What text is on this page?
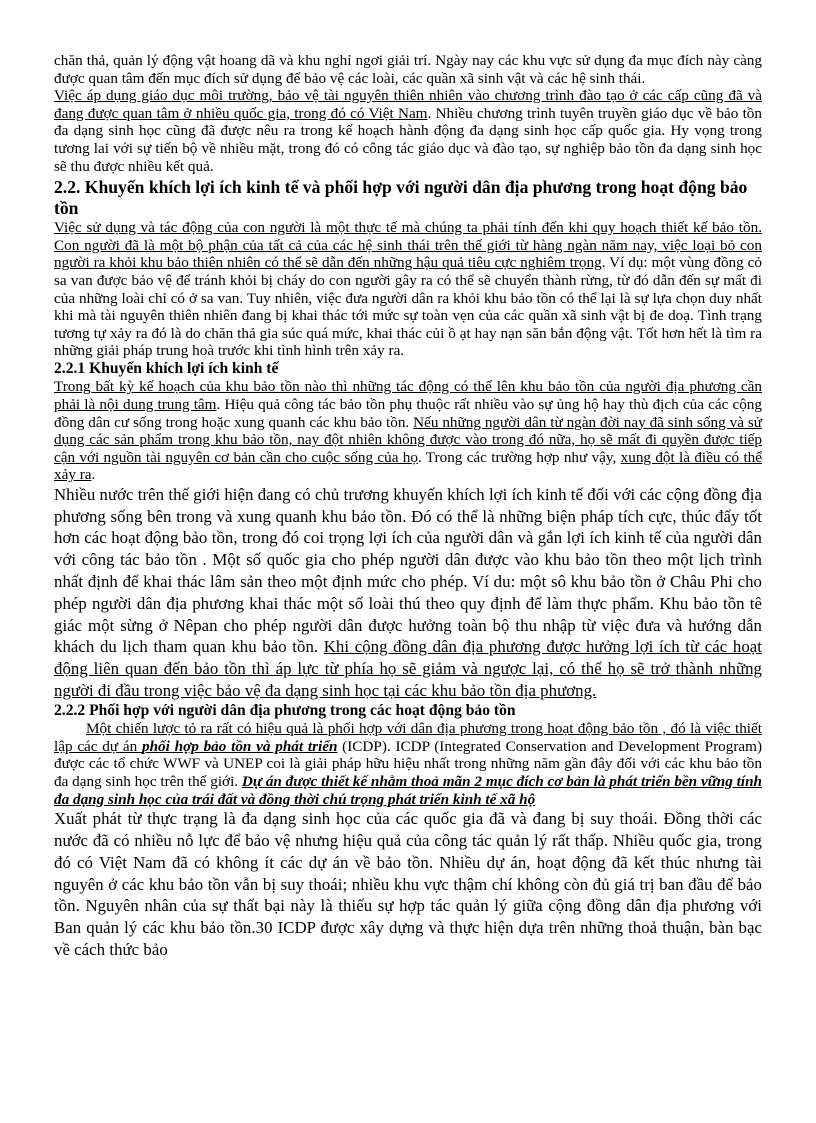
chăn thả, quản lý động vật hoang dã và khu nghỉ ngơi giải trí. Ngày nay các khu vực sử dụng đa mục đích này càng được quan tâm đến mục đích sử dụng để bảo vệ các loài, các quần xã sinh vật và các hệ sinh thái.

Việc áp dụng giáo dục môi trường, bảo vệ tài nguyên thiên nhiên vào chương trình đào tạo ở các cấp cũng đã và đang được quan tâm ở nhiều quốc gia, trong đó có Việt Nam. Nhiều chương trình tuyên truyền giáo dục về bảo tồn đa dạng sinh học cũng đã được nêu ra trong kế hoạch hành động đa dạng sinh học cấp quốc gia. Hy vọng trong tương lai với sự tiến bộ về nhiều mặt, trong đó có công tác giáo dục và đào tạo, sự nghiệp bảo tồn đa dạng sinh học sẽ thu được nhiều kết quả.

2.2. Khuyến khích lợi ích kinh tế và phối hợp với người dân địa phương trong hoạt động bảo tồn

Việc sử dụng và tác động của con người là một thực tế mà chúng ta phải tính đến khi quy hoạch thiết kế bảo tồn. Con người đã là một bộ phận của tất cả của các hệ sinh thái trên thế giới từ hàng ngàn năm nay, việc loại bỏ con người ra khỏi khu bảo thiên nhiên có thể sẽ dẫn đến những hậu quả tiêu cực nghiêm trọng. Ví dụ: một vùng đồng cỏ sa van được bảo vệ để tránh khỏi bị cháy do con người gây ra có thể sẽ chuyển thành rừng, từ đó dẫn đến sự mất đi của những loài chỉ có ở sa van. Tuy nhiên, việc đưa người dân ra khỏi khu bảo tồn có thể lại là sự lựa chọn duy nhất khi mà tài nguyên thiên nhiên đang bị khai thác tới mức sự toàn vẹn của các quần xã sinh vật bị đe doạ. Tình trạng tương tự xảy ra đó là do chăn thả gia súc quá mức, khai thác củi ồ ạt hay nạn săn bắn động vật. Tốt hơn hết là tìm ra những giải pháp trung hoà trước khi tình hình trên xảy ra.

2.2.1 Khuyến khích lợi ích kinh tế

Trong bất kỳ kế hoạch của khu bảo tồn nào thì những tác động có thể lên khu bảo tồn của người địa phương cần phải là nội dung trung tâm. Hiệu quả công tác bảo tồn phụ thuộc rất nhiều vào sự ủng hộ hay thù địch của các cộng đồng dân cư sống trong hoặc xung quanh các khu bảo tồn. Nếu những người dân từ ngàn đời nay đã sinh sống và sử dụng các sản phẩm trong khu bảo tồn, nay đột nhiên không được vào trong đó nữa, họ sẽ mất đi quyền được tiếp cận với nguồn tài nguyên cơ bản cần cho cuộc sống của họ. Trong các trường hợp như vậy, xung đột là điều có thể xảy ra.

Nhiều nước trên thế giới hiện đang có chủ trương khuyến khích lợi ích kinh tế đối với các cộng đồng địa phương sống bên trong và xung quanh khu bảo tồn. Đó có thể là những biện pháp tích cực, thúc đẩy tốt hơn các hoạt động bảo tồn, trong đó coi trọng lợi ích của người dân và gắn lợi ích kinh tế của người dân với công tác bảo tồn . Một số quốc gia cho phép người dân được vào khu bảo tồn theo một lịch trình nhất định để khai thác lâm sản theo một định mức cho phép. Ví du: một sô khu bảo tồn ở Châu Phi cho phép người dân địa phương khai thác một số loài thú theo quy định để làm thực phẩm. Khu bảo tồn tê giác một sừng ở Nêpan cho phép người dân được hưởng toàn bộ thu nhập từ việc đưa và hướng dẫn khách du lịch tham quan khu bảo tồn. Khi cộng đồng dân địa phương được hưởng lợi ích từ các hoạt động liên quan đến bảo tồn thì áp lực từ phía họ sẽ giảm và ngược lại, có thể họ sẽ trở thành những người đi đầu trong việc bảo vệ đa dạng sinh học tại các khu bảo tồn địa phương.

2.2.2 Phối hợp với người dân địa phương trong các hoạt động bảo tồn

Một chiến lược tỏ ra rất có hiệu quả là phối hợp với dân địa phương trong hoạt động bảo tồn , đó là việc thiết lập các dự án phối hợp bảo tồn và phát triển (ICDP). ICDP (Integrated Conservation and Development Program) được các tổ chức WWF và UNEP coi là giải pháp hữu hiệu nhất trong những năm gần đây đối với các khu bảo tồn đa dạng sinh học trên thế giới. Dự án được thiết kế nhằm thoả mãn 2 mục đích cơ bản là phát triển bền vững tính đa dạng sinh học của trái đất và đồng thời chú trọng phát triển kinh tế xã hộ

Xuất phát từ thực trạng là đa dạng sinh học của các quốc gia đã và đang bị suy thoái. Đồng thời các nước đã có nhiều nỗ lực để bảo vệ nhưng hiệu quả của công tác quản lý rất thấp. Nhiều quốc gia, trong đó có Việt Nam đã có không ít các dự án về bảo tồn. Nhiều dự án, hoạt động đã kết thúc nhưng tài nguyên ở các khu bảo tồn vẫn bị suy thoái; nhiều khu vực thậm chí không còn đủ giá trị ban đầu để bảo tồn. Nguyên nhân của sự thất bại này là thiếu sự hợp tác quản lý giữa cộng đồng dân địa phương với Ban quản lý các khu bảo tồn.30 ICDP được xây dựng và thực hiện dựa trên những thoả thuận, bàn bạc về cách thức bảo
